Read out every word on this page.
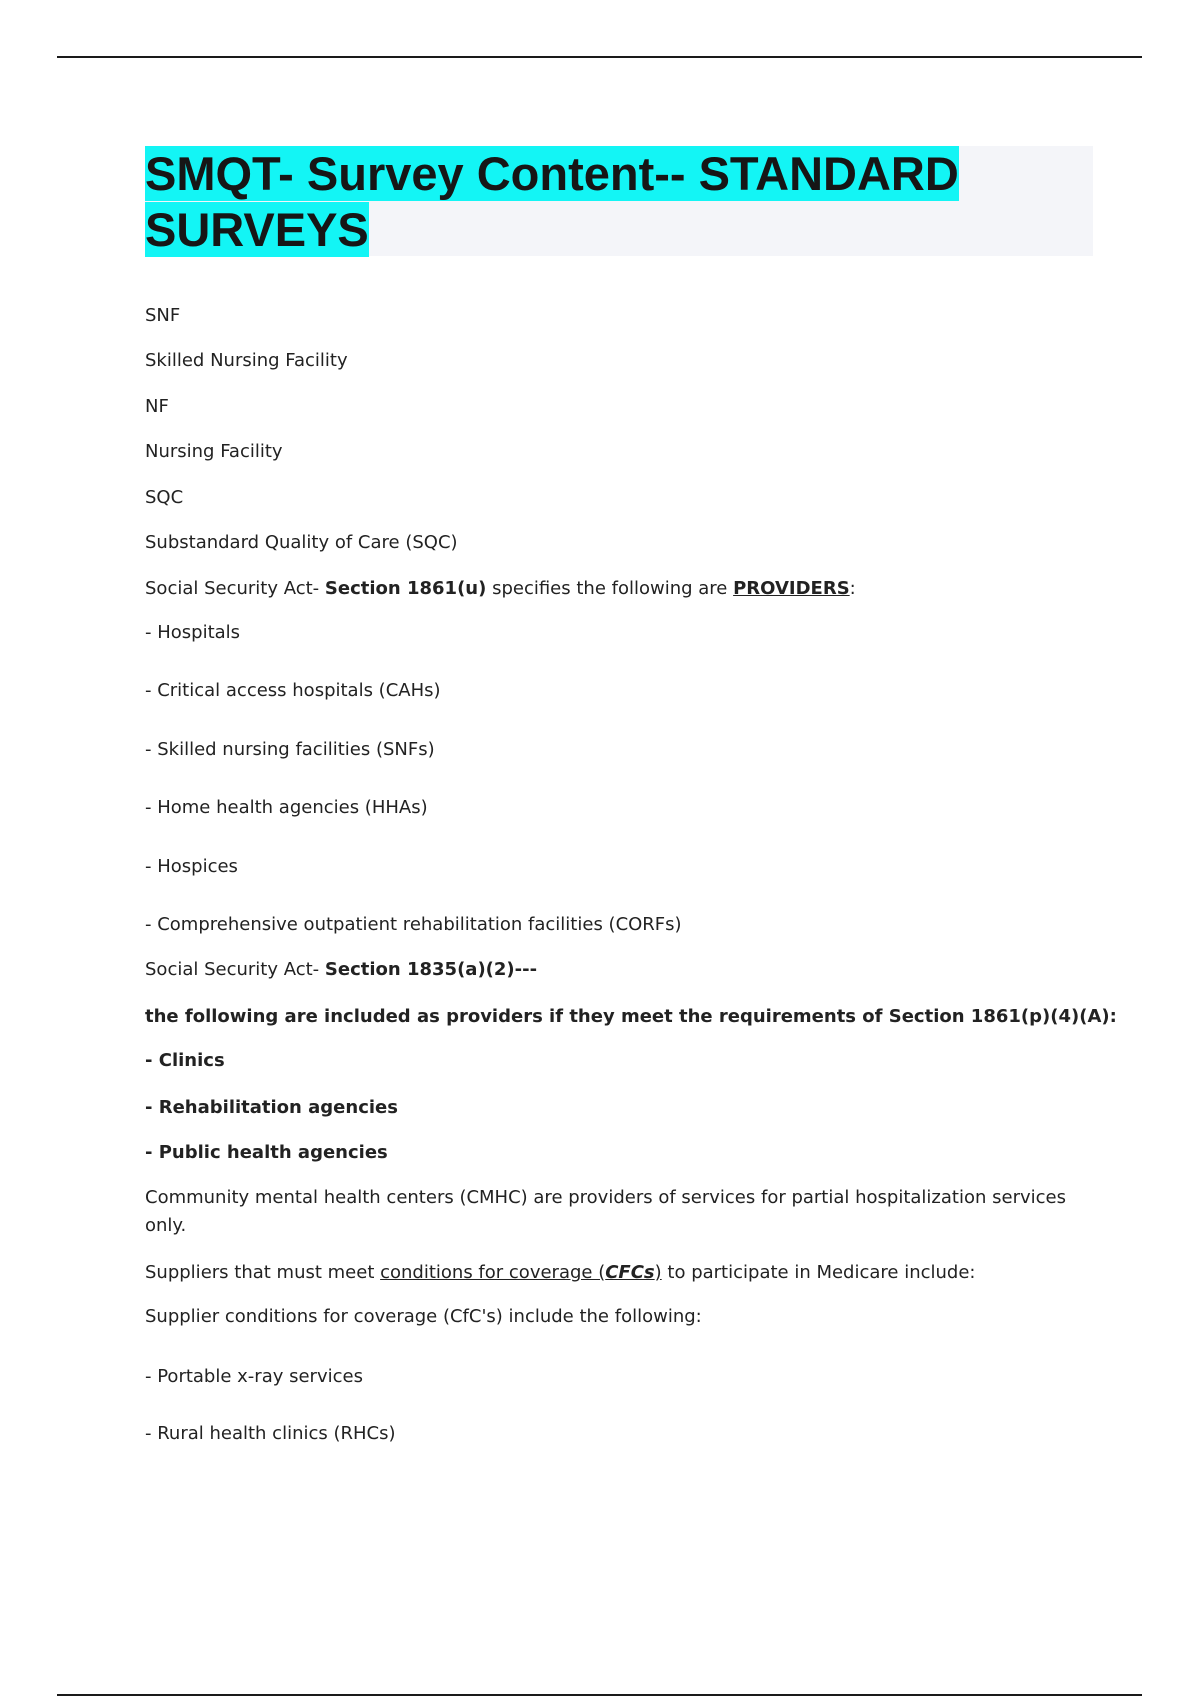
SMQT- Survey Content-- STANDARD
SURVEYS
SNF
Skilled Nursing Facility
NF
Nursing Facility
SQC
Substandard Quality of Care (SQC)
Social Security Act- Section 1861(u) specifies the following are PROVIDERS:
- Hospitals
- Critical access hospitals (CAHs)
- Skilled nursing facilities (SNFs)
- Home health agencies (HHAs)
- Hospices
- Comprehensive outpatient rehabilitation facilities (CORFs)
Social Security Act- Section 1835(a)(2)---
the following are included as providers if they meet the requirements of Section 1861(p)(4)(A):
- Clinics
- Rehabilitation agencies
- Public health agencies
Community mental health centers (CMHC) are providers of services for partial hospitalization services only.
Suppliers that must meet conditions for coverage (CFCs) to participate in Medicare include:
Supplier conditions for coverage (CfC's) include the following:
- Portable x-ray services
- Rural health clinics (RHCs)
